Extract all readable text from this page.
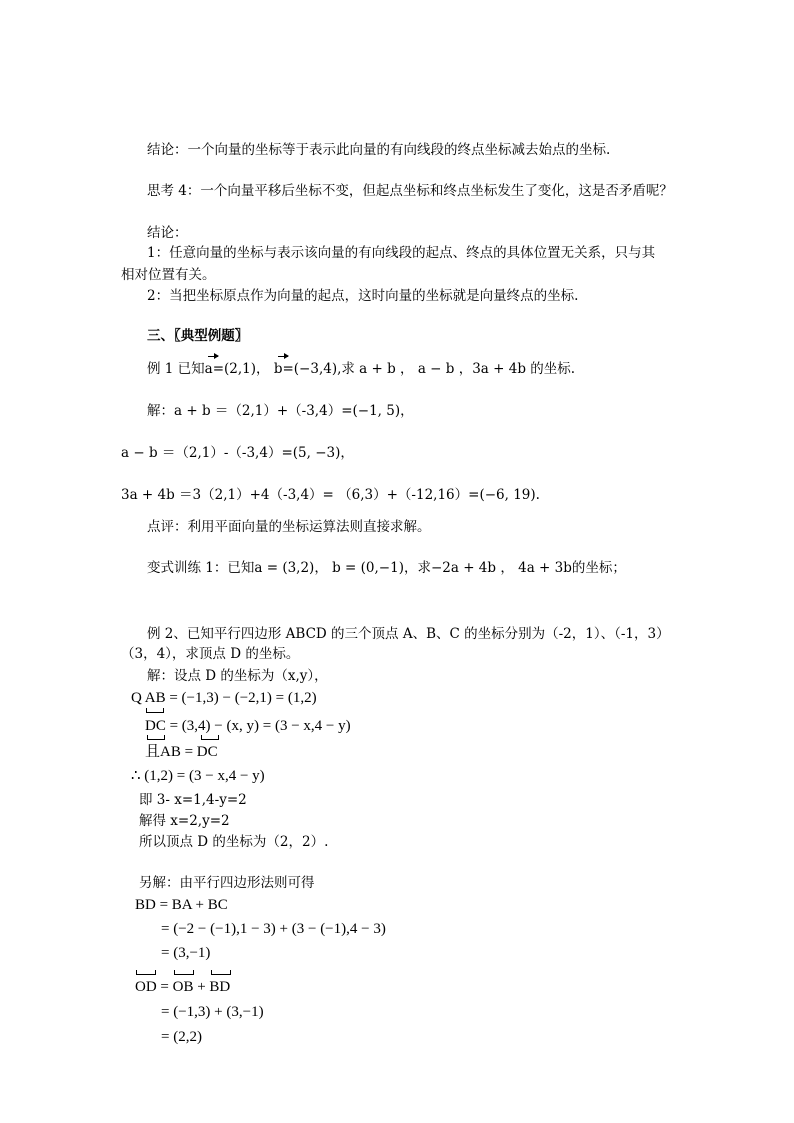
结论：一个向量的坐标等于表示此向量的有向线段的终点坐标减去始点的坐标.
思考 4：一个向量平移后坐标不变，但起点坐标和终点坐标发生了变化，这是否矛盾呢？
结论：
1：任意向量的坐标与表示该向量的有向线段的起点、终点的具体位置无关系，只与其
相对位置有关。
2：当把坐标原点作为向量的起点，这时向量的坐标就是向量终点的坐标.
三、〖典型例题〗
例 1 已知a=(2,1)， b=(−3,4),求 a + b ， a − b ，3a + 4b 的坐标.
解：a + b ＝（2,1）+（-3,4）=(−1, 5)，
a − b ＝（2,1）-（-3,4）=(5, −3)，
3a + 4b ＝3（2,1）+4（-3,4）= （6,3）+（-12,16）=(−6, 19).
点评：利用平面向量的坐标运算法则直接求解。
变式训练 1：已知a = (3,2)， b = (0,−1)，求−2a + 4b ， 4a + 3b的坐标；
例 2、已知平行四边形 ABCD 的三个顶点 A、B、C 的坐标分别为（-2，1）、（-1，3）
（3，4），求顶点 D 的坐标。
解：设点 D 的坐标为（x,y），
Q AB = (−1,3) − (−2,1) = (1,2)
DC = (3,4) − (x, y) = (3 − x,4 − y)
且AB = DC
∴ (1,2) = (3 − x,4 − y)
即 3- x=1,4-y=2
解得 x=2,y=2
所以顶点 D 的坐标为（2，2）.
另解：由平行四边形法则可得
BD = BA + BC
= (−2 − (−1),1 − 3) + (3 − (−1),4 − 3)
= (3,−1)
OD = OB + BD
= (−1,3) + (3,−1)
= (2,2)
